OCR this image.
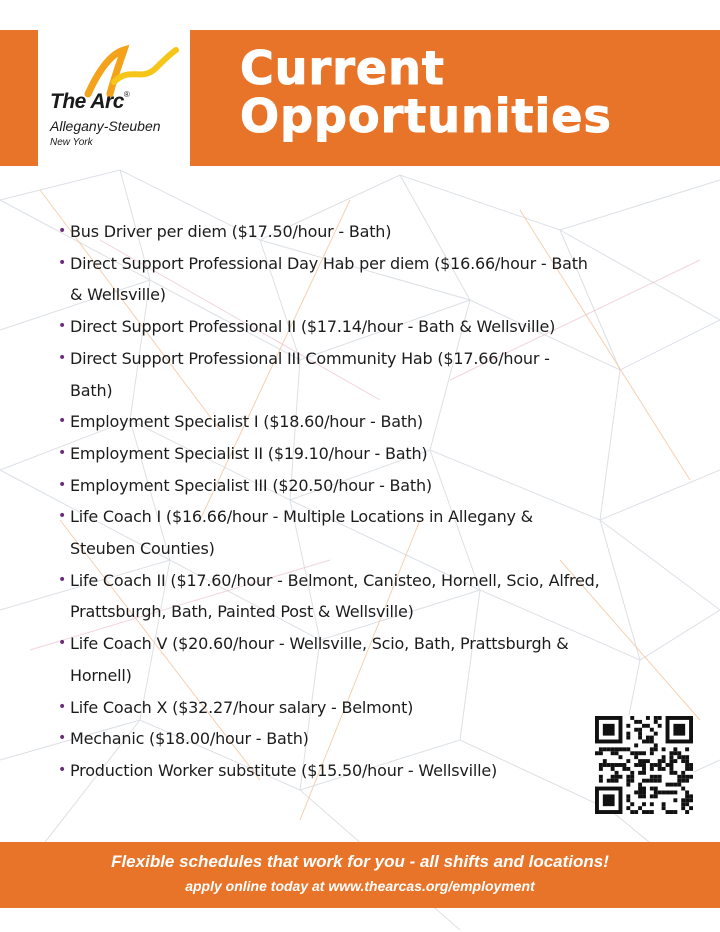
The Arc®
Allegany-Steuben
New York
Current
Opportunities
• Bus Driver per diem ($17.50/hour - Bath)
• Direct Support Professional Day Hab per diem ($16.66/hour - Bath
& Wellsville)
• Direct Support Professional II ($17.14/hour - Bath & Wellsville)
• Direct Support Professional III Community Hab ($17.66/hour -
Bath)
• Employment Specialist I ($18.60/hour - Bath)
• Employment Specialist II ($19.10/hour - Bath)
• Employment Specialist III ($20.50/hour - Bath)
• Life Coach I ($16.66/hour - Multiple Locations in Allegany &
Steuben Counties)
• Life Coach II ($17.60/hour - Belmont, Canisteo, Hornell, Scio, Alfred,
Prattsburgh, Bath, Painted Post & Wellsville)
• Life Coach V ($20.60/hour - Wellsville, Scio, Bath, Prattsburgh &
Hornell)
• Life Coach X ($32.27/hour salary - Belmont)
• Mechanic ($18.00/hour - Bath)
• Production Worker substitute ($15.50/hour - Wellsville)
Flexible schedules that work for you - all shifts and locations!
apply online today at www.thearcas.org/employment
